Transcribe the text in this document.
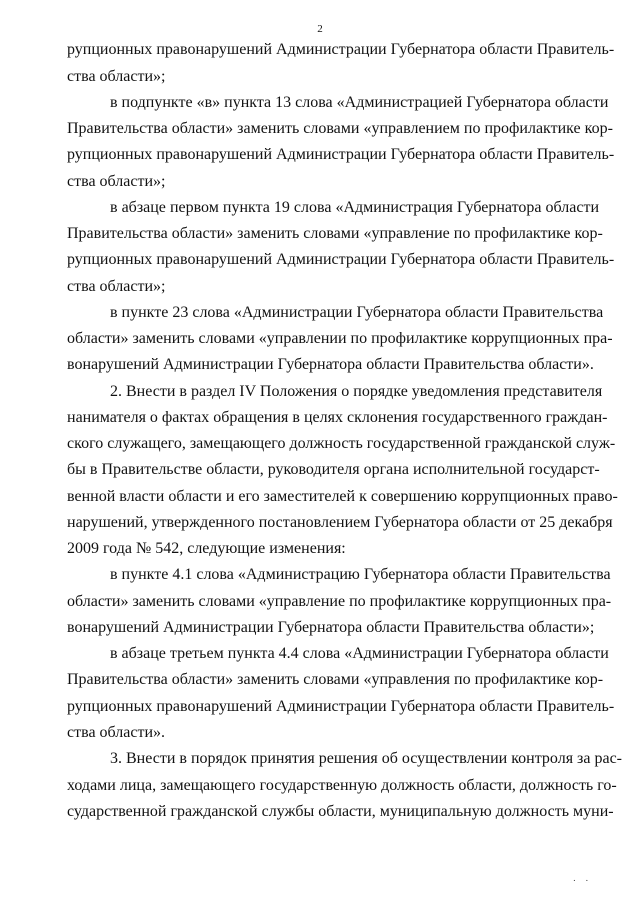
2
рупционных правонарушений Администрации Губернатора области Правитель-
ства области»;
в подпункте «в» пункта 13 слова «Администрацией Губернатора области
Правительства области» заменить словами «управлением по профилактике кор-
рупционных правонарушений Администрации Губернатора области Правитель-
ства области»;
в абзаце первом пункта 19 слова «Администрация Губернатора области
Правительства области» заменить словами «управление по профилактике кор-
рупционных правонарушений Администрации Губернатора области Правитель-
ства области»;
в пункте 23 слова «Администрации Губернатора области Правительства
области» заменить словами «управлении по профилактике коррупционных пра-
вонарушений Администрации Губернатора области Правительства области».
2. Внести в раздел IV Положения о порядке уведомления представителя
нанимателя о фактах обращения в целях склонения государственного граждан-
ского служащего, замещающего должность государственной гражданской служ-
бы в Правительстве области, руководителя органа исполнительной государст-
венной власти области и его заместителей к совершению коррупционных право-
нарушений, утвержденного постановлением Губернатора области от 25 декабря
2009 года № 542, следующие изменения:
в пункте 4.1 слова «Администрацию Губернатора области Правительства
области» заменить словами «управление по профилактике коррупционных пра-
вонарушений Администрации Губернатора области Правительства области»;
в абзаце третьем пункта 4.4 слова «Администрации Губернатора области
Правительства области» заменить словами «управления по профилактике кор-
рупционных правонарушений Администрации Губернатора области Правитель-
ства области».
3. Внести в порядок принятия решения об осуществлении контроля за рас-
ходами лица, замещающего государственную должность области, должность го-
сударственной гражданской службы области, муниципальную должность муни-
. .
